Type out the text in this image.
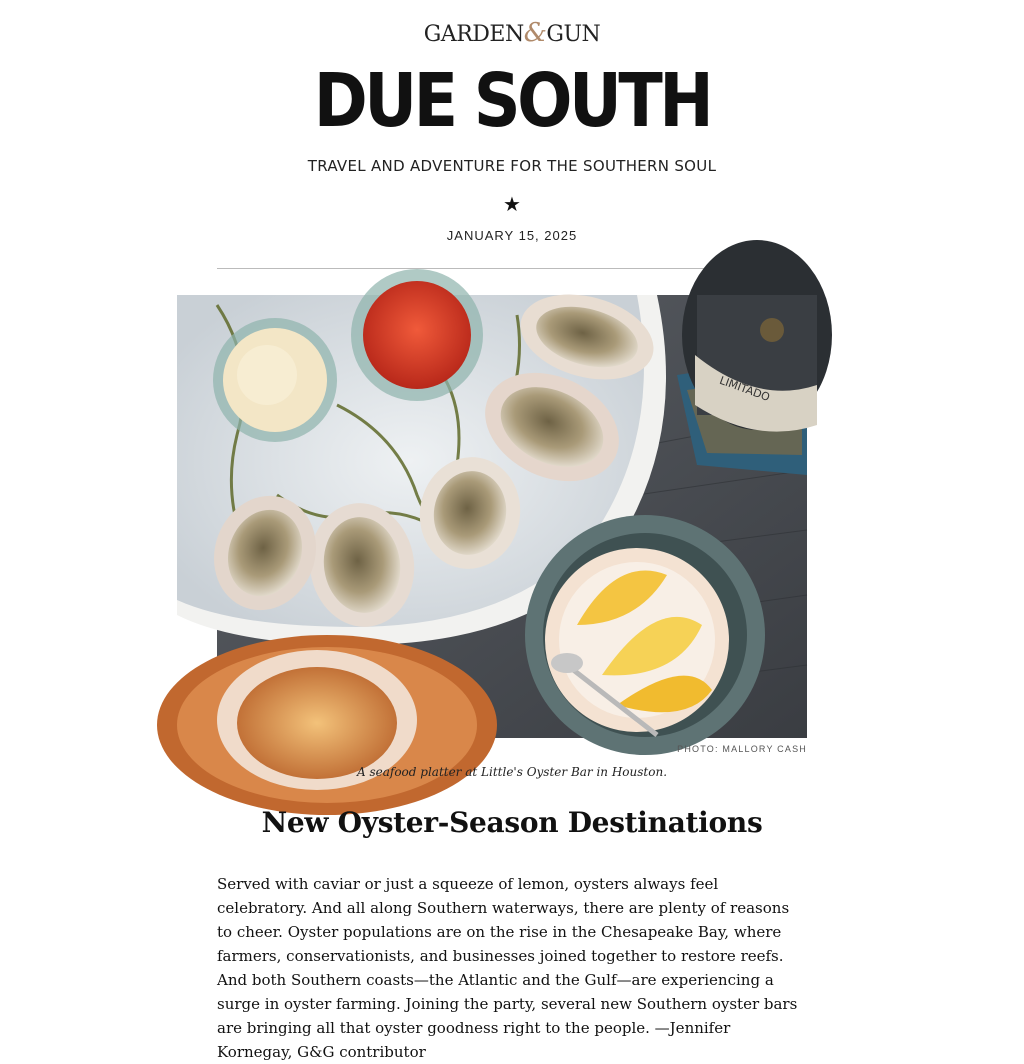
GARDEN&GUN
DUE SOUTH
TRAVEL AND ADVENTURE FOR THE SOUTHERN SOUL
★
JANUARY 15, 2025
LIMITADO
PHOTO: MALLORY CASH
A seafood platter at Little's Oyster Bar in Houston.
New Oyster-Season Destinations

Served with caviar or just a squeeze of lemon, oysters always feel celebratory. And all along Southern waterways, there are plenty of reasons to cheer. Oyster populations are on the rise in the Chesapeake Bay, where farmers, conservationists, and businesses joined together to restore reefs. And both Southern coasts—the Atlantic and the Gulf—are experiencing a surge in oyster farming. Joining the party, several new Southern oyster bars are bringing all that oyster goodness right to the people. —Jennifer Kornegay, G&G contributor
